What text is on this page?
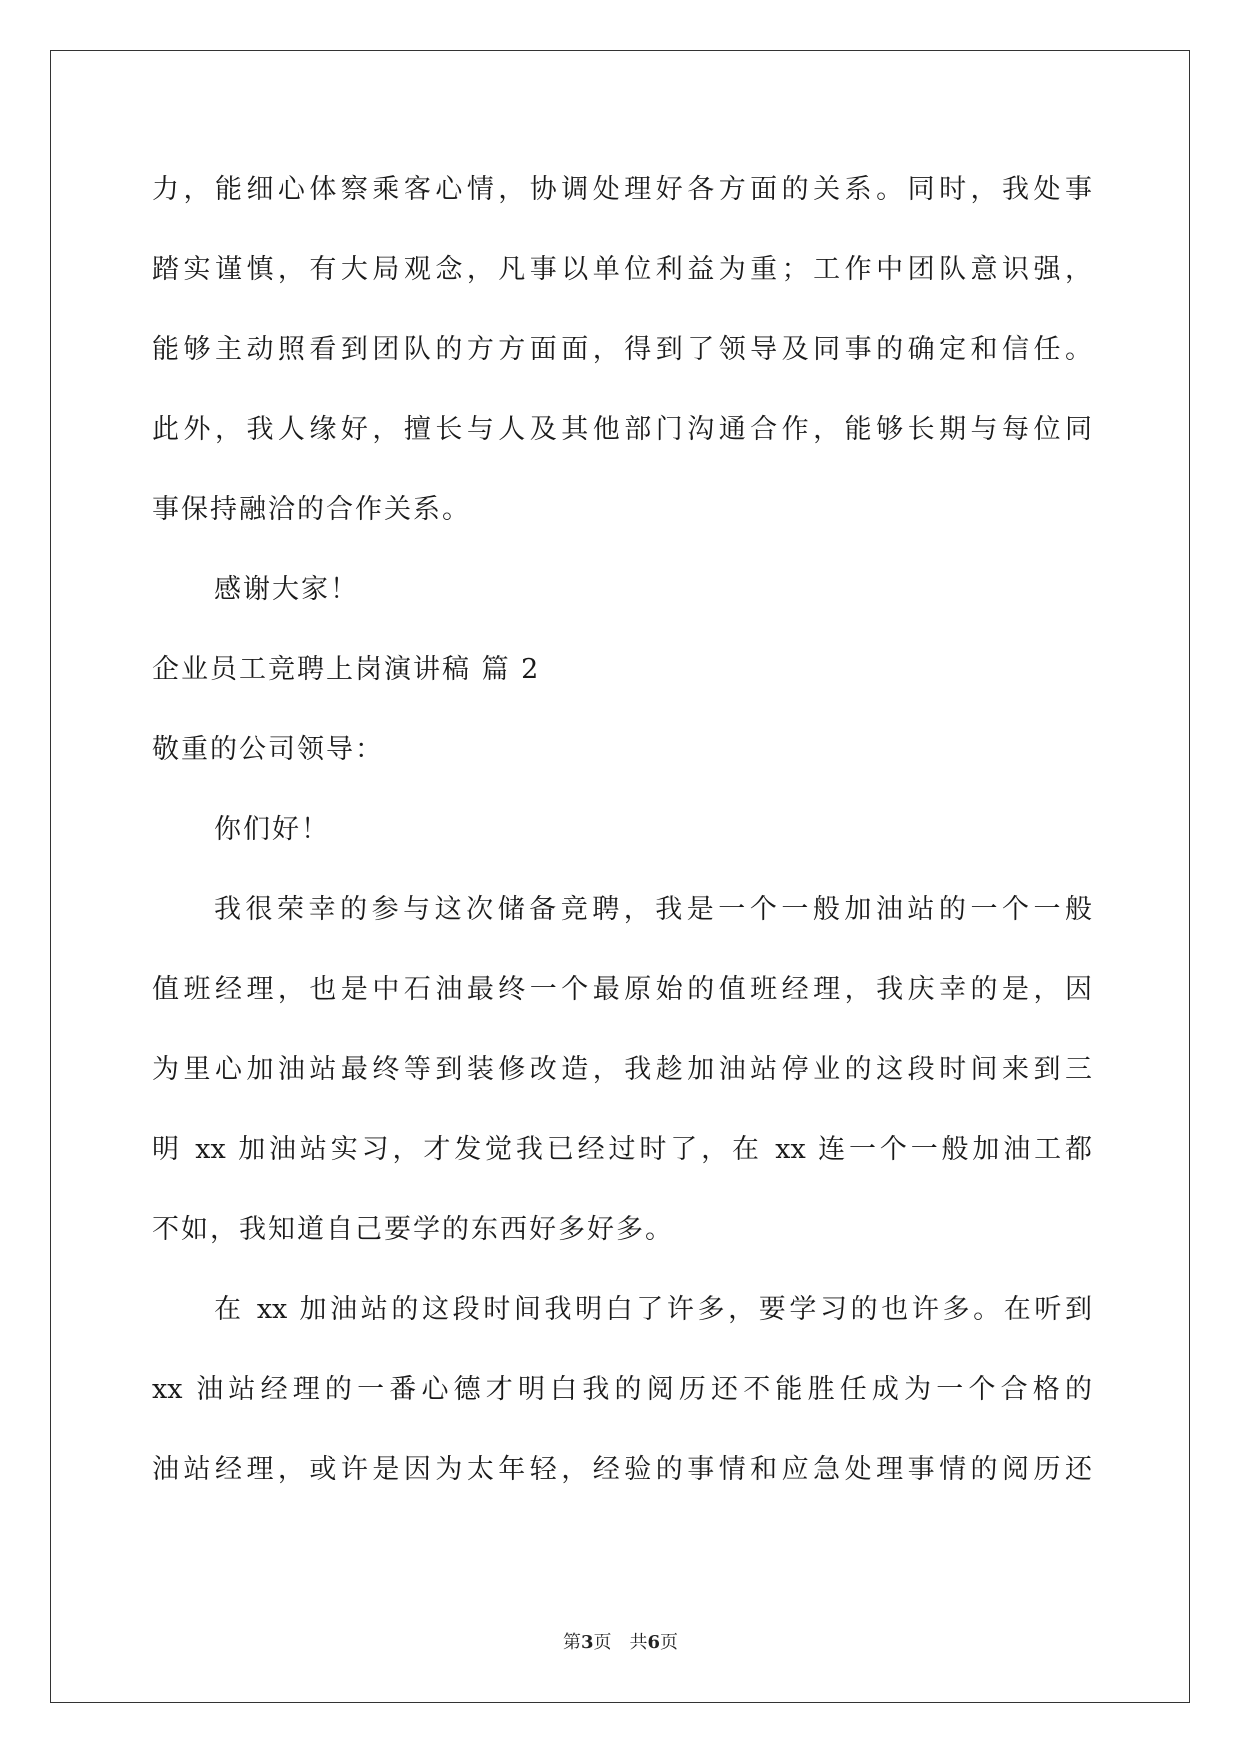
力，能细心体察乘客心情，协调处理好各方面的关系。同时，我处事
踏实谨慎，有大局观念，凡事以单位利益为重；工作中团队意识强，
能够主动照看到团队的方方面面，得到了领导及同事的确定和信任。
此外，我人缘好，擅长与人及其他部门沟通合作，能够长期与每位同
事保持融洽的合作关系。
感谢大家！
企业员工竞聘上岗演讲稿 篇 2
敬重的公司领导：
你们好！
我很荣幸的参与这次储备竞聘，我是一个一般加油站的一个一般
值班经理，也是中石油最终一个最原始的值班经理，我庆幸的是，因
为里心加油站最终等到装修改造，我趁加油站停业的这段时间来到三
明 xx 加油站实习，才发觉我已经过时了，在 xx 连一个一般加油工都
不如，我知道自己要学的东西好多好多。
在 xx 加油站的这段时间我明白了许多，要学习的也许多。在听到
xx 油站经理的一番心德才明白我的阅历还不能胜任成为一个合格的
油站经理，或许是因为太年轻，经验的事情和应急处理事情的阅历还
第3页　共6页
